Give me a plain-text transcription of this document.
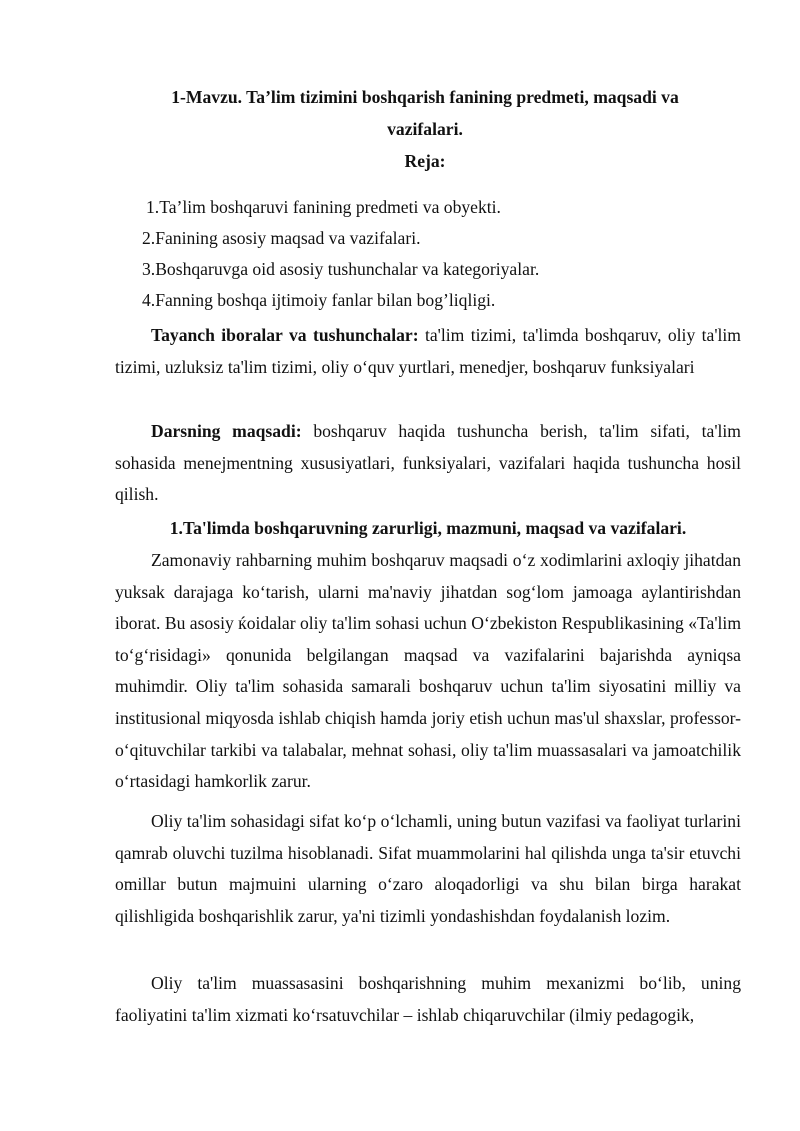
1-Mavzu. Ta’lim tizimini boshqarish fanining predmeti, maqsadi va
vazifalari.
Reja:
1.Ta’lim boshqaruvi fanining predmeti va obyekti.
2.Fanining asosiy maqsad va vazifalari.
3.Boshqaruvga oid asosiy tushunchalar va kategoriyalar.
4.Fanning boshqa ijtimoiy fanlar bilan bog’liqligi.
Tayanch iboralar va tushunchalar: ta'lim tizimi, ta'limda boshqaruv, oliy ta'lim tizimi, uzluksiz ta'lim tizimi, oliy o‘quv yurtlari, menedjer, boshqaruv funksiyalari
Darsning maqsadi: boshqaruv haqida tushuncha berish, ta'lim sifati, ta'lim sohasida menejmentning xususiyatlari, funksiyalari, vazifalari haqida tushuncha hosil qilish.
1.Ta'limda boshqaruvning zarurligi, mazmuni, maqsad va vazifalari.
Zamonaviy rahbarning muhim boshqaruv maqsadi o‘z xodimlarini axloqiy jihatdan yuksak darajaga ko‘tarish, ularni ma'naviy jihatdan sog‘lom jamoaga aylantirishdan iborat. Bu asosiy ќoidalar oliy ta'lim sohasi uchun O‘zbekiston Respublikasining «Ta'lim to‘g‘risidagi» qonunida belgilangan maqsad va vazifalarini bajarishda ayniqsa muhimdir. Oliy ta'lim sohasida samarali boshqaruv uchun ta'lim siyosatini milliy va institusional miqyosda ishlab chiqish hamda joriy etish uchun mas'ul shaxslar, professor-o‘qituvchilar tarkibi va talabalar, mehnat sohasi, oliy ta'lim muassasalari va jamoatchilik o‘rtasidagi hamkorlik zarur.
Oliy ta'lim sohasidagi sifat ko‘p o‘lchamli, uning butun vazifasi va faoliyat turlarini qamrab oluvchi tuzilma hisoblanadi. Sifat muammolarini hal qilishda unga ta'sir etuvchi omillar butun majmuini ularning o‘zaro aloqadorligi va shu bilan birga harakat qilishligida boshqarishlik zarur, ya'ni tizimli yondashishdan foydalanish lozim.
Oliy ta'lim muassasasini boshqarishning muhim mexanizmi bo‘lib, uning faoliyatini ta'lim xizmati ko‘rsatuvchilar – ishlab chiqaruvchilar (ilmiy pedagogik,
